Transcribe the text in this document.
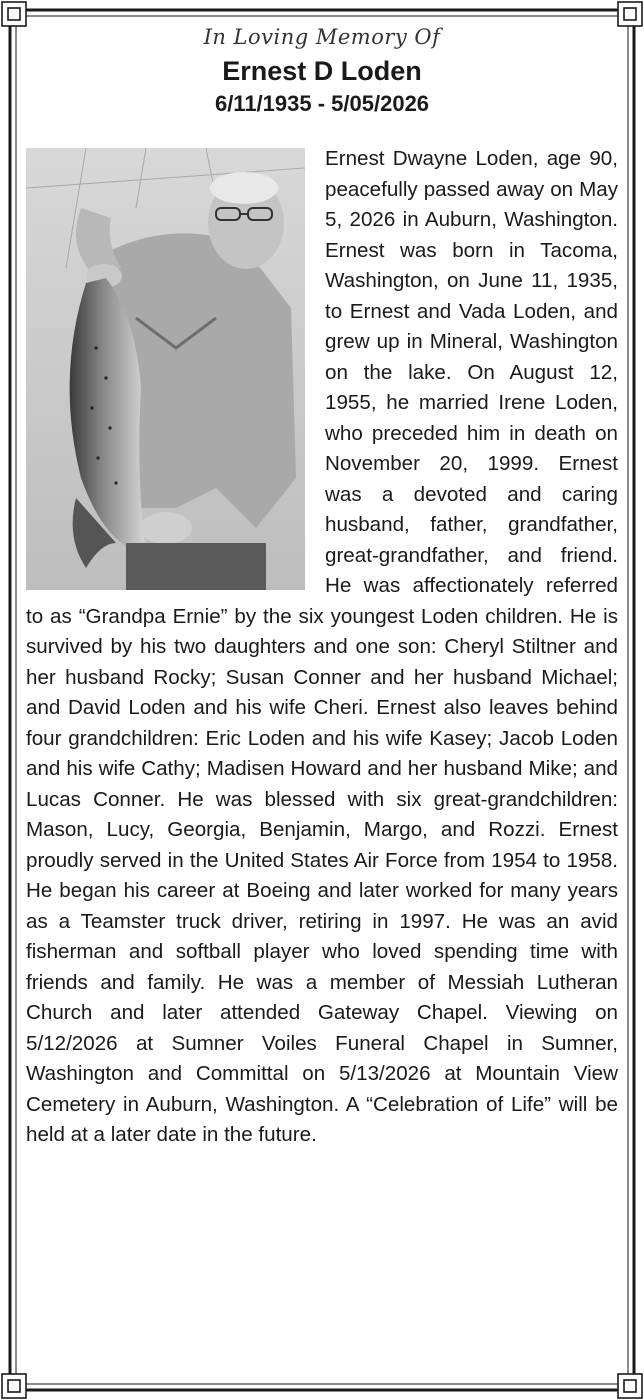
In Loving Memory Of

Ernest D Loden

6/11/1935 - 5/05/2026

Ernest Dwayne Loden, age 90, peacefully passed away on May 5, 2026 in Auburn, Washington. Ernest was born in Tacoma, Washington, on June 11, 1935, to Ernest and Vada Loden, and grew up in Mineral, Washington on the lake. On August 12, 1955, he married Irene Loden, who preceded him in death on November 20, 1999. Ernest was a devoted and caring husband, father, grandfather, great-grandfather, and friend. He was affectionately referred to as “Grandpa Ernie” by the six youngest Loden children. He is survived by his two daughters and one son: Cheryl Stiltner and her husband Rocky; Susan Conner and her husband Michael; and David Loden and his wife Cheri. Ernest also leaves behind four grandchildren: Eric Loden and his wife Kasey; Jacob Loden and his wife Cathy; Madisen Howard and her husband Mike; and Lucas Conner. He was blessed with six great-grandchildren: Mason, Lucy, Georgia, Benjamin, Margo, and Rozzi. Ernest proudly served in the United States Air Force from 1954 to 1958. He began his career at Boeing and later worked for many years as a Teamster truck driver, retiring in 1997. He was an avid fisherman and softball player who loved spending time with friends and family. He was a member of Messiah Lutheran Church and later attended Gateway Chapel. Viewing on 5/12/2026 at Sumner Voiles Funeral Chapel in Sumner, Washington and Committal on 5/13/2026 at Mountain View Cemetery in Auburn, Washington. A “Celebration of Life” will be held at a later date in the future.
